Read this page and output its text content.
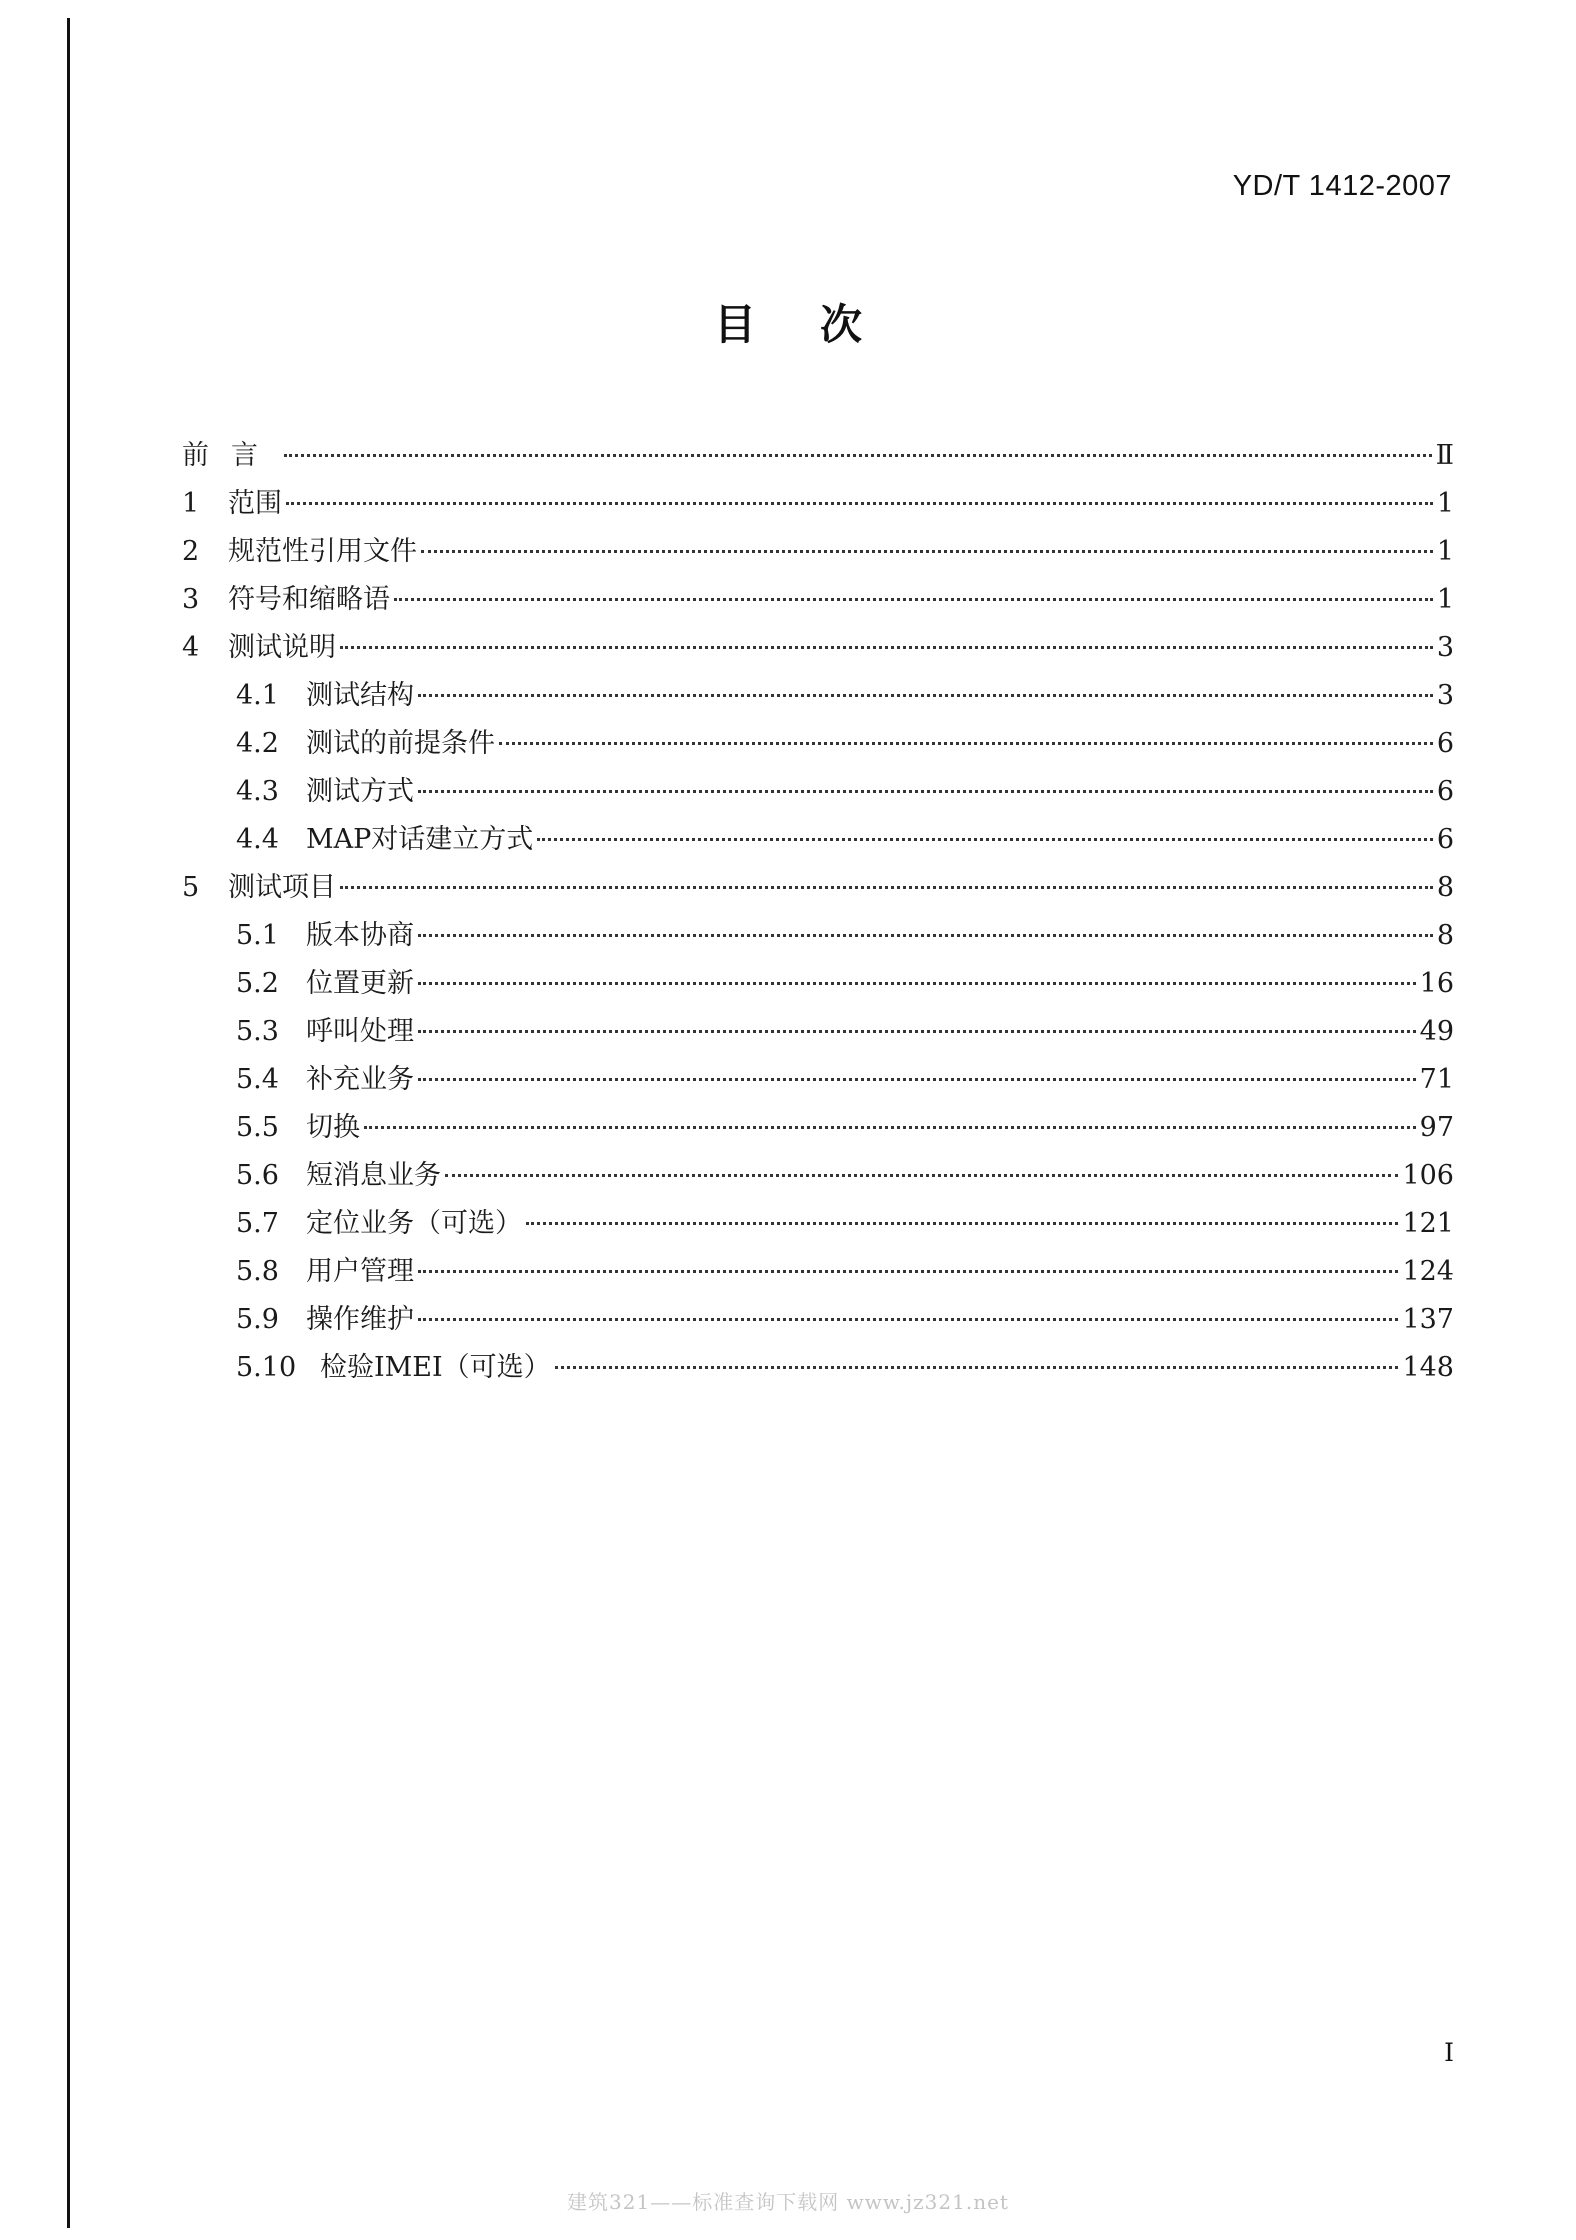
YD/T 1412-2007
目次
前言	Ⅱ
1	范围	1
2	规范性引用文件	1
3	符号和缩略语	1
4	测试说明	3
4.1	测试结构	3
4.2	测试的前提条件	6
4.3	测试方式	6
4.4	MAP对话建立方式	6
5	测试项目	8
5.1	版本协商	8
5.2	位置更新	16
5.3	呼叫处理	49
5.4	补充业务	71
5.5	切换	97
5.6	短消息业务	106
5.7	定位业务（可选）	121
5.8	用户管理	124
5.9	操作维护	137
5.10 检验IMEI（可选）	148
I
建筑321——标准查询下载网 www.jz321.net
